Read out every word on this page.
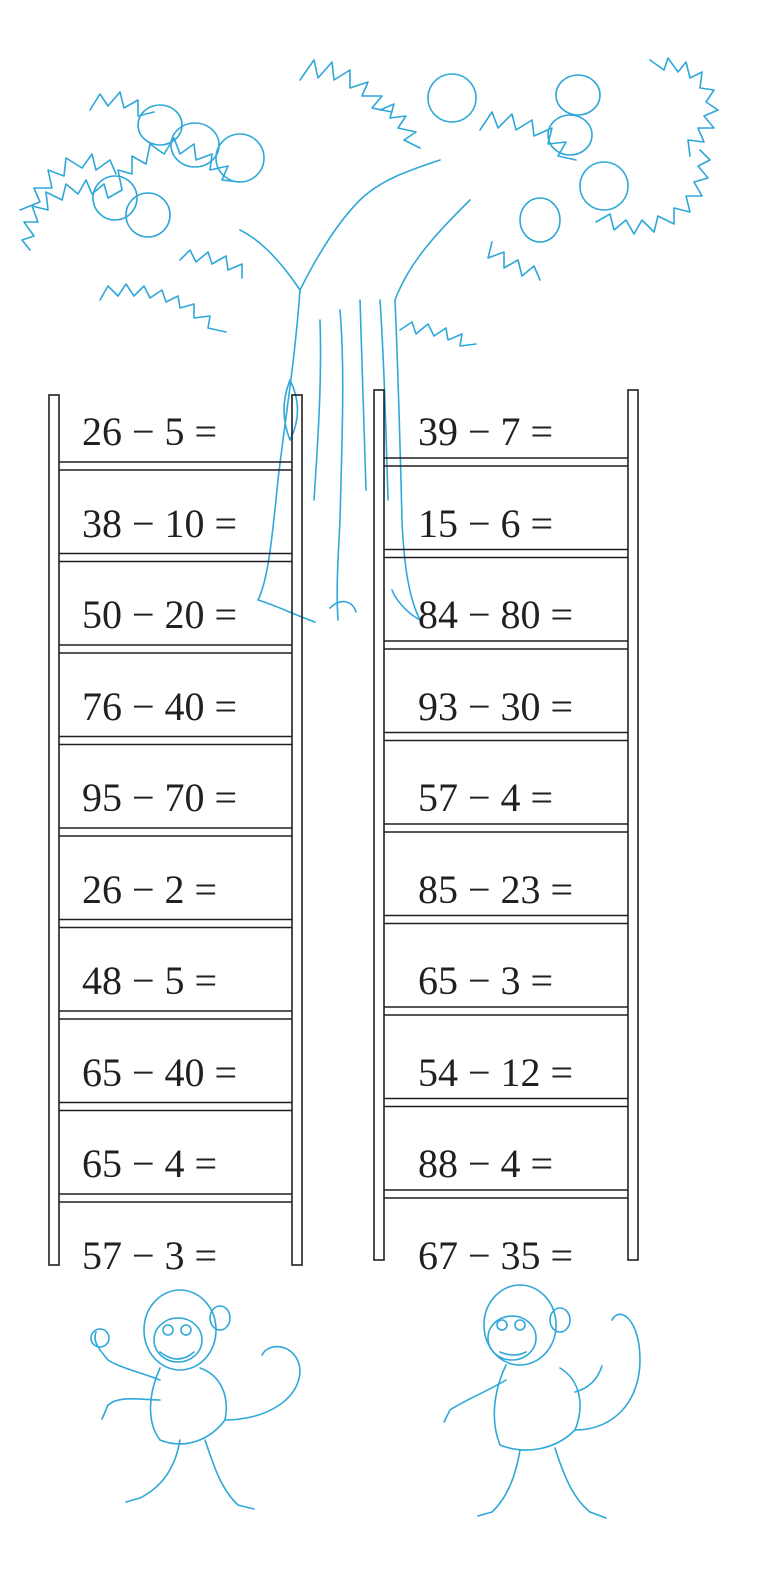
26 − 5 =
38 − 10 =
50 − 20 =
76 − 40 =
95 − 70 =
26 − 2 =
48 − 5 =
65 − 40 =
65 − 4 =
57 − 3 =
39 − 7 =
15 − 6 =
84 − 80 =
93 − 30 =
57 − 4 =
85 − 23 =
65 − 3 =
54 − 12 =
88 − 4 =
67 − 35 =
